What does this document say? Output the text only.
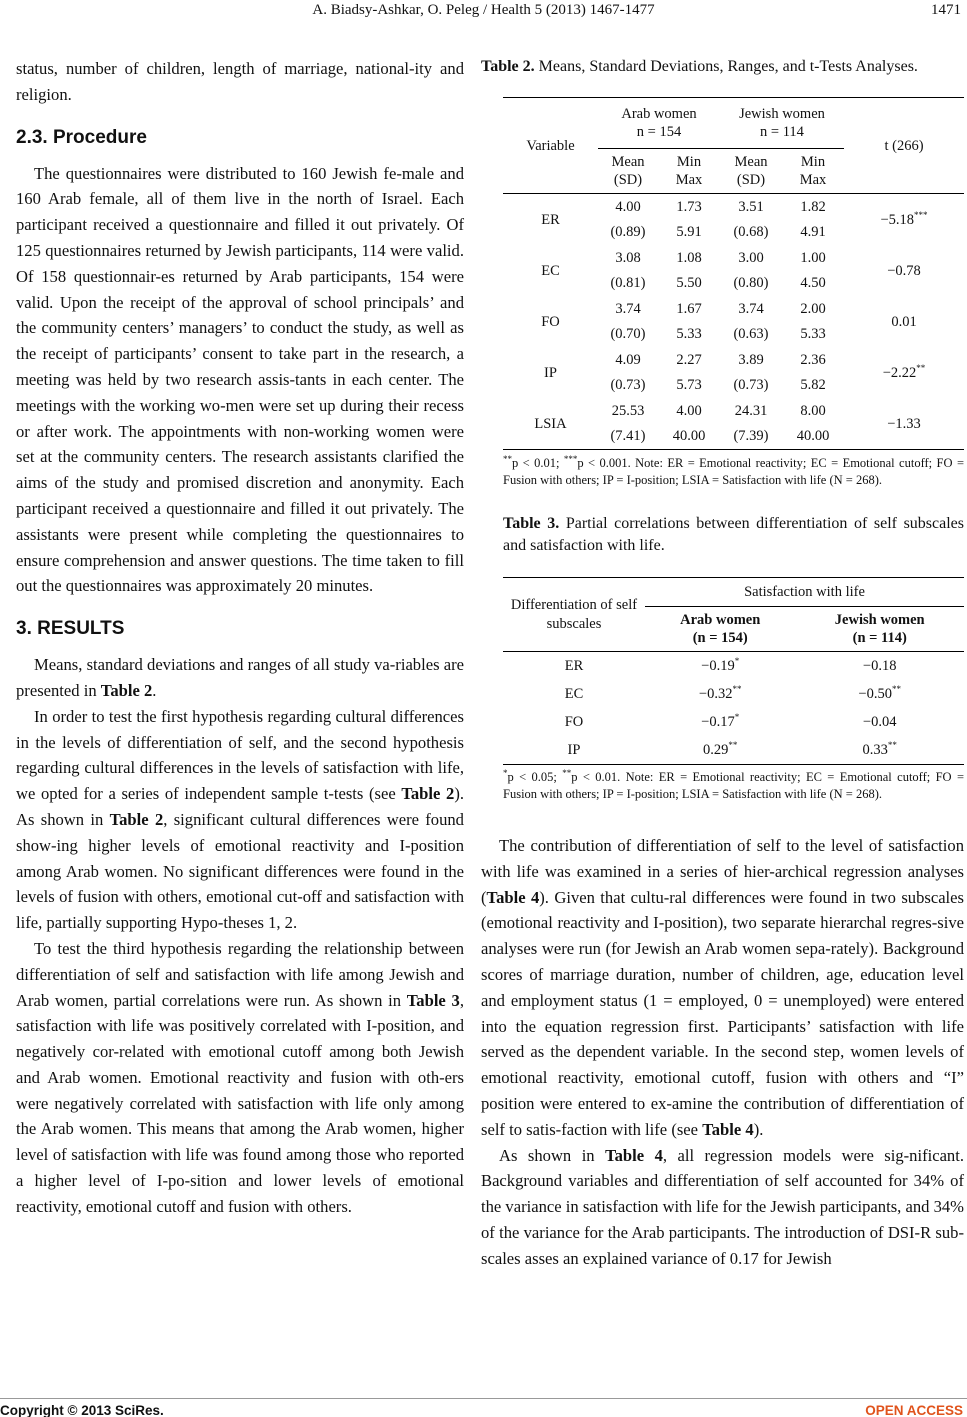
A. Biadsy-Ashkar, O. Peleg / Health 5 (2013) 1467-1477	1471

status, number of children, length of marriage, national-ity and religion.

2.3. Procedure

The questionnaires were distributed to 160 Jewish fe-male and 160 Arab female, all of them live in the north of Israel. Each participant received a questionnaire and filled it out privately. Of 125 questionnaires returned by Jewish participants, 114 were valid. Of 158 questionnair-es returned by Arab participants, 154 were valid. Upon the receipt of the approval of school principals’ and the community centers’ managers’ to conduct the study, as well as the receipt of participants’ consent to take part in the research, a meeting was held by two research assis-tants in each center. The meetings with the working wo-men were set up during their recess or after work. The appointments with non-working women were set at the community centers. The research assistants clarified the aims of the study and promised discretion and anonymity. Each participant received a questionnaire and filled it out privately. The assistants were present while completing the questionnaires to ensure comprehension and answer questions. The time taken to fill out the questionnaires was approximately 20 minutes.

3. RESULTS

Means, standard deviations and ranges of all study va-riables are presented in Table 2.

In order to test the first hypothesis regarding cultural differences in the levels of differentiation of self, and the second hypothesis regarding cultural differences in the levels of satisfaction with life, we opted for a series of independent sample t-tests (see Table 2). As shown in Table 2, significant cultural differences were found show-ing higher levels of emotional reactivity and I-position among Arab women. No significant differences were found in the levels of fusion with others, emotional cut-off and satisfaction with life, partially supporting Hypo-theses 1, 2.

To test the third hypothesis regarding the relationship between differentiation of self and satisfaction with life among Jewish and Arab women, partial correlations were run. As shown in Table 3, satisfaction with life was positively correlated with I-position, and negatively cor-related with emotional cutoff among both Jewish and Arab women. Emotional reactivity and fusion with oth-ers were negatively correlated with satisfaction with life only among the Arab women. This means that among the Arab women, higher level of satisfaction with life was found among those who reported a higher level of I-po-sition and lower levels of emotional reactivity, emotional cutoff and fusion with others.

Table 2. Means, Standard Deviations, Ranges, and t-Tests Analyses.

Variable	Arab women
n = 154		Jewish women
n = 114		t (266)
	Mean
(SD)	Min
Max	Mean
(SD)	Min
Max	
ER	4.00	1.73	3.51	1.82	−5.18***
	(0.89)	5.91	(0.68)	4.91	
EC	3.08	1.08	3.00	1.00	−0.78
	(0.81)	5.50	(0.80)	4.50	
FO	3.74	1.67	3.74	2.00	0.01
	(0.70)	5.33	(0.63)	5.33	
IP	4.09	2.27	3.89	2.36	−2.22**
	(0.73)	5.73	(0.73)	5.82	
LSIA	25.53	4.00	24.31	8.00	−1.33
	(7.41)	40.00	(7.39)	40.00	

**p < 0.01; ***p < 0.001. Note: ER = Emotional reactivity; EC = Emotional cutoff; FO = Fusion with others; IP = I-position; LSIA = Satisfaction with life (N = 268).

Table 3. Partial correlations between differentiation of self subscales and satisfaction with life.

Differentiation of self subscales	Satisfaction with life	
	Arab women
(n = 154)	Jewish women
(n = 114)
ER	−0.19*	−0.18
EC	−0.32**	−0.50**
FO	−0.17*	−0.04
IP	0.29**	0.33**

*p < 0.05; **p < 0.01. Note: ER = Emotional reactivity; EC = Emotional cutoff; FO = Fusion with others; IP = I-position; LSIA = Satisfaction with life (N = 268).

The contribution of differentiation of self to the level of satisfaction with life was examined in a series of hier-archical regression analyses (Table 4). Given that cultu-ral differences were found in two subscales (emotional reactivity and I-position), two separate hierarchal regres-sive analyses were run (for Jewish an Arab women sepa-rately). Background scores of marriage duration, number of children, age, education level and employment status (1 = employed, 0 = unemployed) were entered into the equation regression first. Participants’ satisfaction with life served as the dependent variable. In the second step, women levels of emotional reactivity, emotional cutoff, fusion with others and “I” position were entered to ex-amine the contribution of differentiation of self to satis-faction with life (see Table 4).

As shown in Table 4, all regression models were sig-nificant. Background variables and differentiation of self accounted for 34% of the variance in satisfaction with life for the Jewish participants, and 34% of the variance for the Arab participants. The introduction of DSI-R sub-scales asses an explained variance of 0.17 for Jewish

Copyright © 2013 SciRes.	OPEN ACCESS
